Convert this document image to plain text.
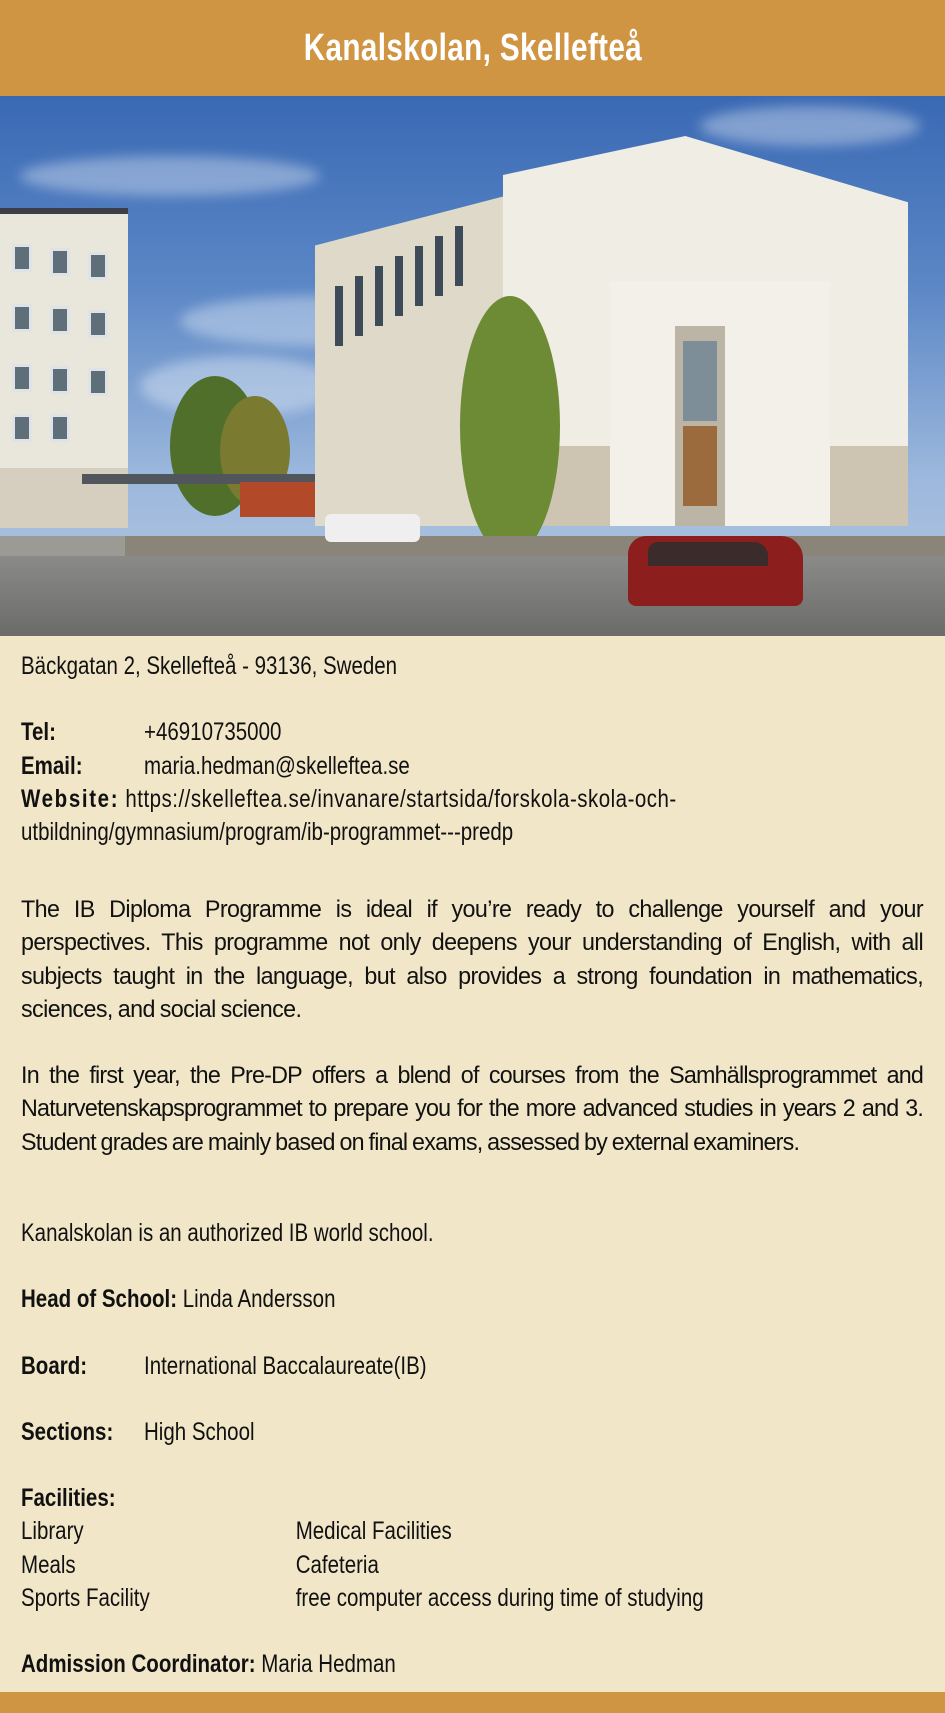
Kanalskolan, Skellefteå
Bäckgatan 2, Skellefteå - 93136, Sweden
Tel:	+46910735000
Email: maria.hedman@skelleftea.se
Website: https://skelleftea.se/invanare/startsida/forskola-skola-och-
utbildning/gymnasium/program/ib-programmet---predp

The IB Diploma Programme is ideal if you’re ready to challenge yourself and your perspectives. This programme not only deepens your understanding of English, with all subjects taught in the language, but also provides a strong foundation in mathematics, sciences, and social science.

In the first year, the Pre-DP offers a blend of courses from the Samhällsprogrammet and Naturvetenskapsprogrammet to prepare you for the more advanced studies in years 2 and 3. Student grades are mainly based on final exams, assessed by external examiners.

Kanalskolan is an authorized IB world school.
Head of School: Linda Andersson
Board: International Baccalaureate(IB)
Sections: High School
Facilities:
Library	Medical Facilities
Meals	Cafeteria
Sports Facility	free computer access during time of studying
Admission Coordinator: Maria Hedman
